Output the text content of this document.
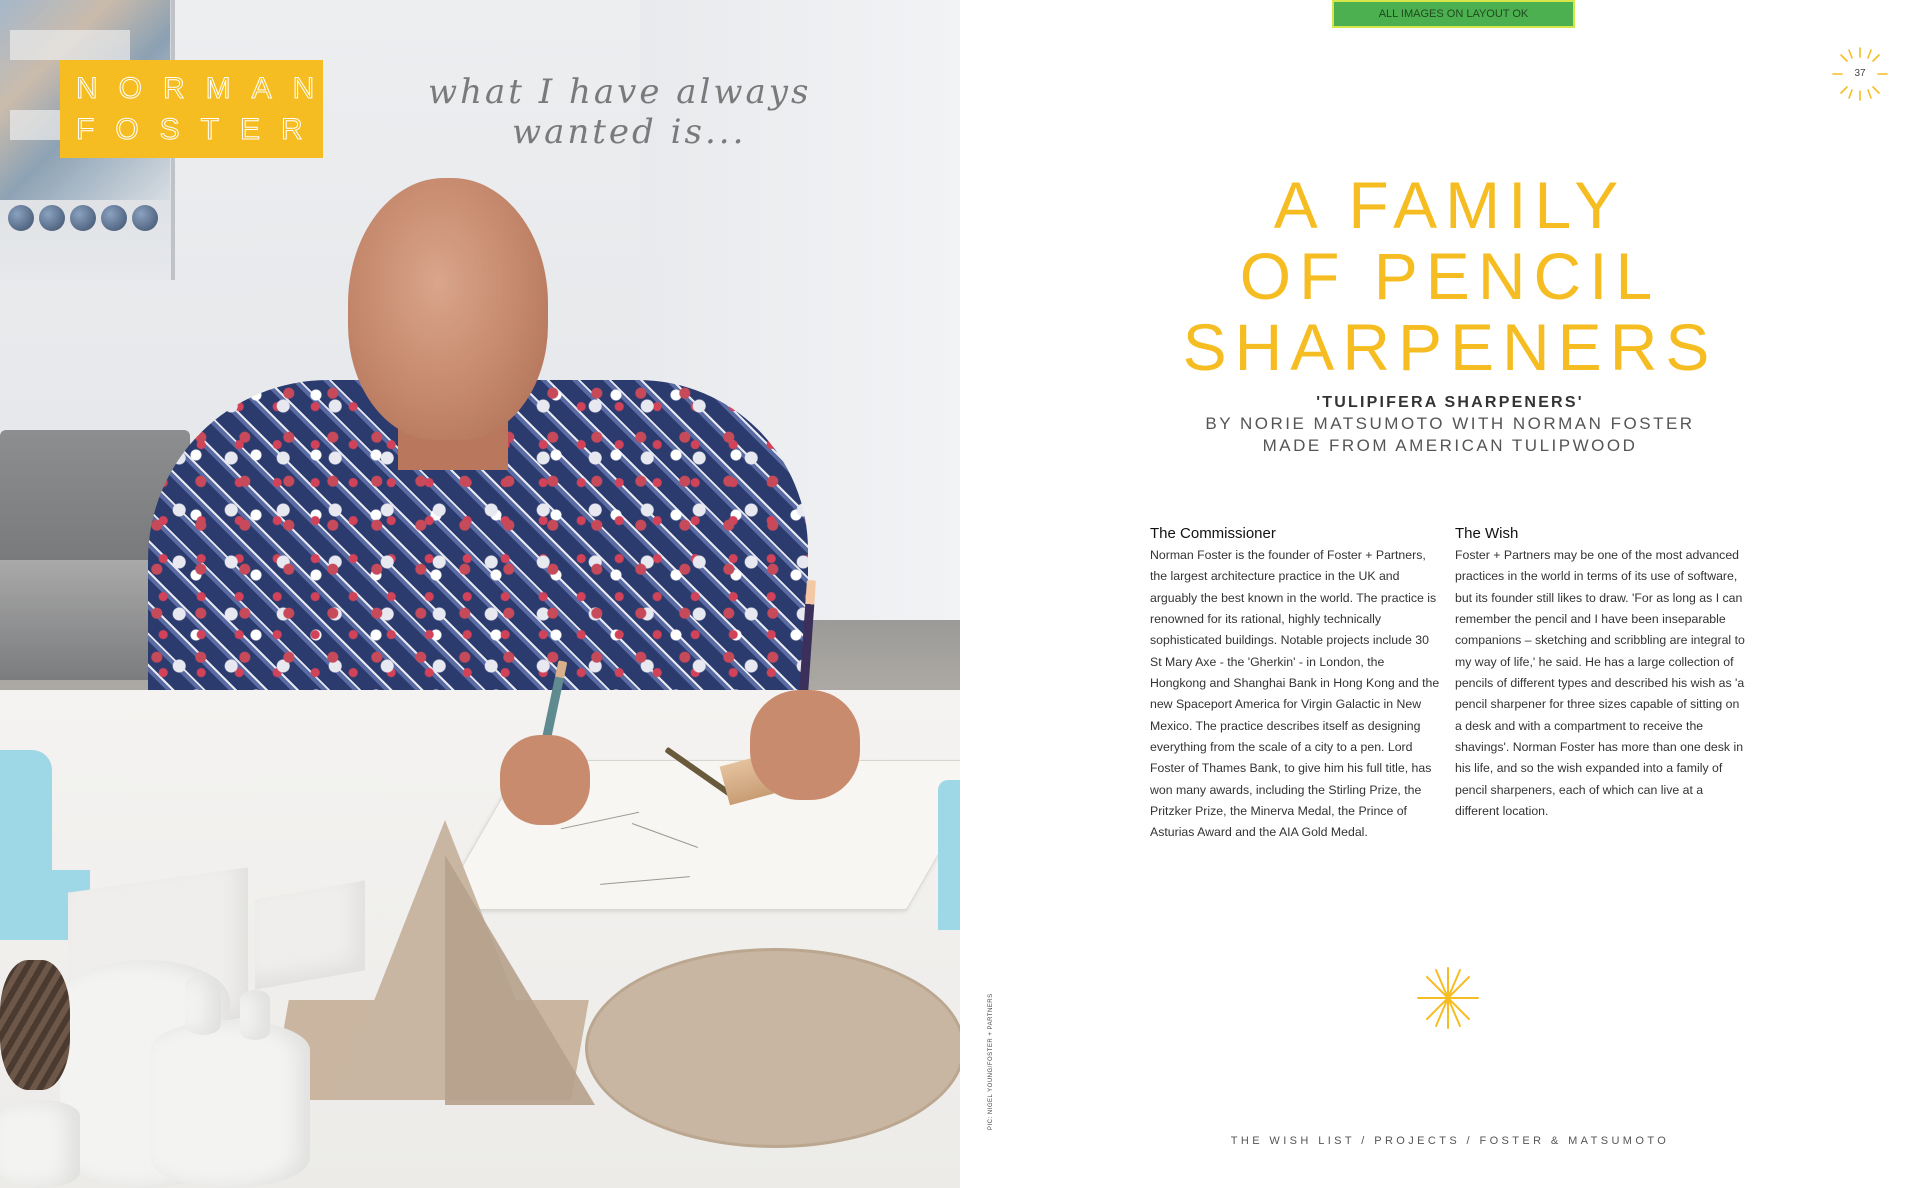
NORMAN
FOSTER
what I have always
wanted is...
PIC: NIGEL YOUNG/FOSTER + PARTNERS
ALL IMAGES ON LAYOUT OK
37
A FAMILY
OF PENCIL
SHARPENERS
'TULIPIFERA SHARPENERS'
BY NORIE MATSUMOTO WITH NORMAN FOSTER
MADE FROM AMERICAN TULIPWOOD
The Commissioner

Norman Foster is the founder of Foster + Partners, the largest architecture practice in the UK and arguably the best known in the world. The practice is renowned for its rational, highly technically sophisticated buildings. Notable projects include 30 St Mary Axe - the 'Gherkin' - in London, the Hongkong and Shanghai Bank in Hong Kong and the new Spaceport America for Virgin Galactic in New Mexico. The practice describes itself as designing everything from the scale of a city to a pen. Lord Foster of Thames Bank, to give him his full title, has won many awards, including the Stirling Prize, the Pritzker Prize, the Minerva Medal, the Prince of Asturias Award and the AIA Gold Medal.

The Wish

Foster + Partners may be one of the most advanced practices in the world in terms of its use of software, but its founder still likes to draw. 'For as long as I can remember the pencil and I have been inseparable companions – sketching and scribbling are integral to my way of life,' he said. He has a large collection of pencils of different types and described his wish as 'a pencil sharpener for three sizes capable of sitting on a desk and with a compartment to receive the shavings'. Norman Foster has more than one desk in his life, and so the wish expanded into a family of pencil sharpeners, each of which can live at a different location.

THE WISH LIST / PROJECTS / FOSTER & MATSUMOTO
